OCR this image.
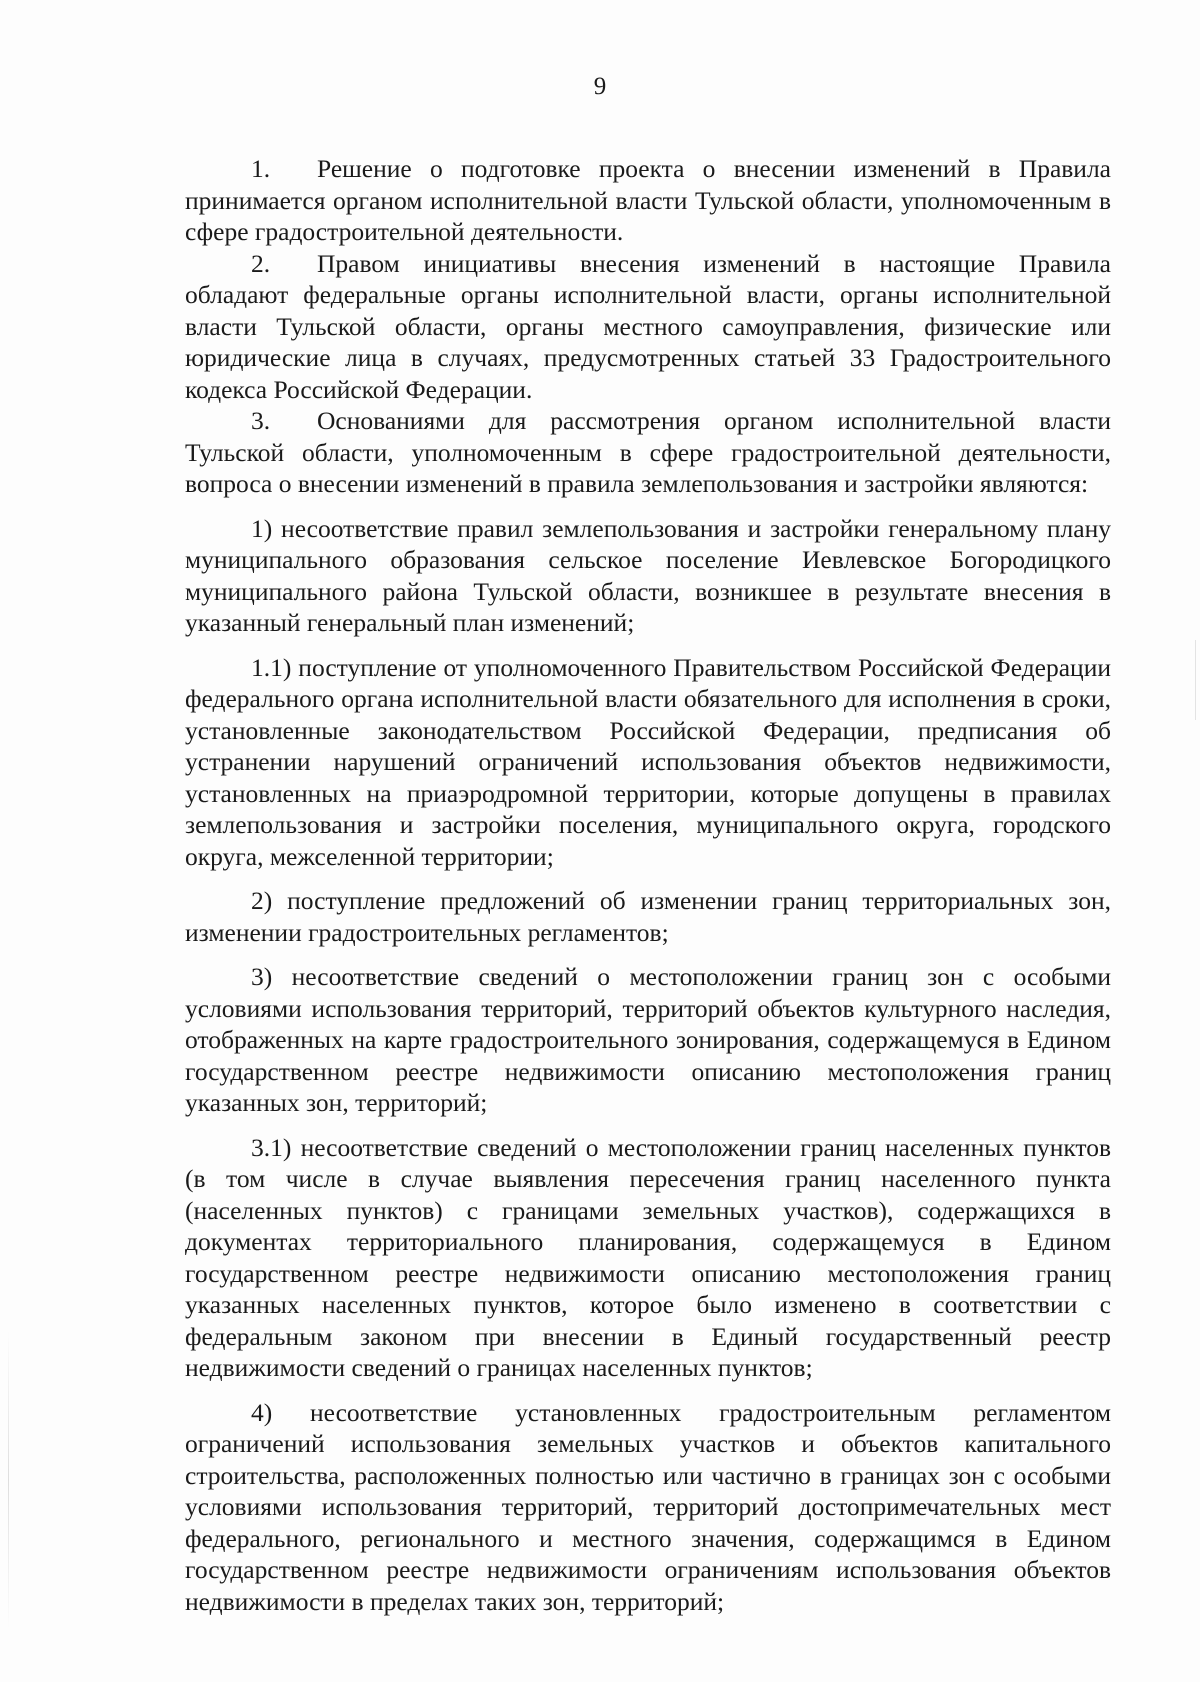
9

1. Решение о подготовке проекта о внесении изменений в Правила принимается органом исполнительной власти Тульской области, уполномоченным в сфере градостроительной деятельности.

2. Правом инициативы внесения изменений в настоящие Правила обладают федеральные органы исполнительной власти, органы исполнительной власти Тульской области, органы местного самоуправления, физические или юридические лица в случаях, предусмотренных статьей 33 Градостроительного кодекса Российской Федерации.

3. Основаниями для рассмотрения органом исполнительной власти Тульской области, уполномоченным в сфере градостроительной деятельности, вопроса о внесении изменений в правила землепользования и застройки являются:

1) несоответствие правил землепользования и застройки генеральному плану муниципального образования сельское поселение Иевлевское Богородицкого муниципального района Тульской области, возникшее в результате внесения в указанный генеральный план изменений;

1.1) поступление от уполномоченного Правительством Российской Федерации федерального органа исполнительной власти обязательного для исполнения в сроки, установленные законодательством Российской Федерации, предписания об устранении нарушений ограничений использования объектов недвижимости, установленных на приаэродромной территории, которые допущены в правилах землепользования и застройки поселения, муниципального округа, городского округа, межселенной территории;

2) поступление предложений об изменении границ территориальных зон, изменении градостроительных регламентов;

3) несоответствие сведений о местоположении границ зон с особыми условиями использования территорий, территорий объектов культурного наследия, отображенных на карте градостроительного зонирования, содержащемуся в Едином государственном реестре недвижимости описанию местоположения границ указанных зон, территорий;

3.1) несоответствие сведений о местоположении границ населенных пунктов (в том числе в случае выявления пересечения границ населенного пункта (населенных пунктов) с границами земельных участков), содержащихся в документах территориального планирования, содержащемуся в Едином государственном реестре недвижимости описанию местоположения границ указанных населенных пунктов, которое было изменено в соответствии с федеральным законом при внесении в Единый государственный реестр недвижимости сведений о границах населенных пунктов;

4) несоответствие установленных градостроительным регламентом ограничений использования земельных участков и объектов капитального строительства, расположенных полностью или частично в границах зон с особыми условиями использования территорий, территорий достопримечательных мест федерального, регионального и местного значения, содержащимся в Едином государственном реестре недвижимости ограничениям использования объектов недвижимости в пределах таких зон, территорий;
